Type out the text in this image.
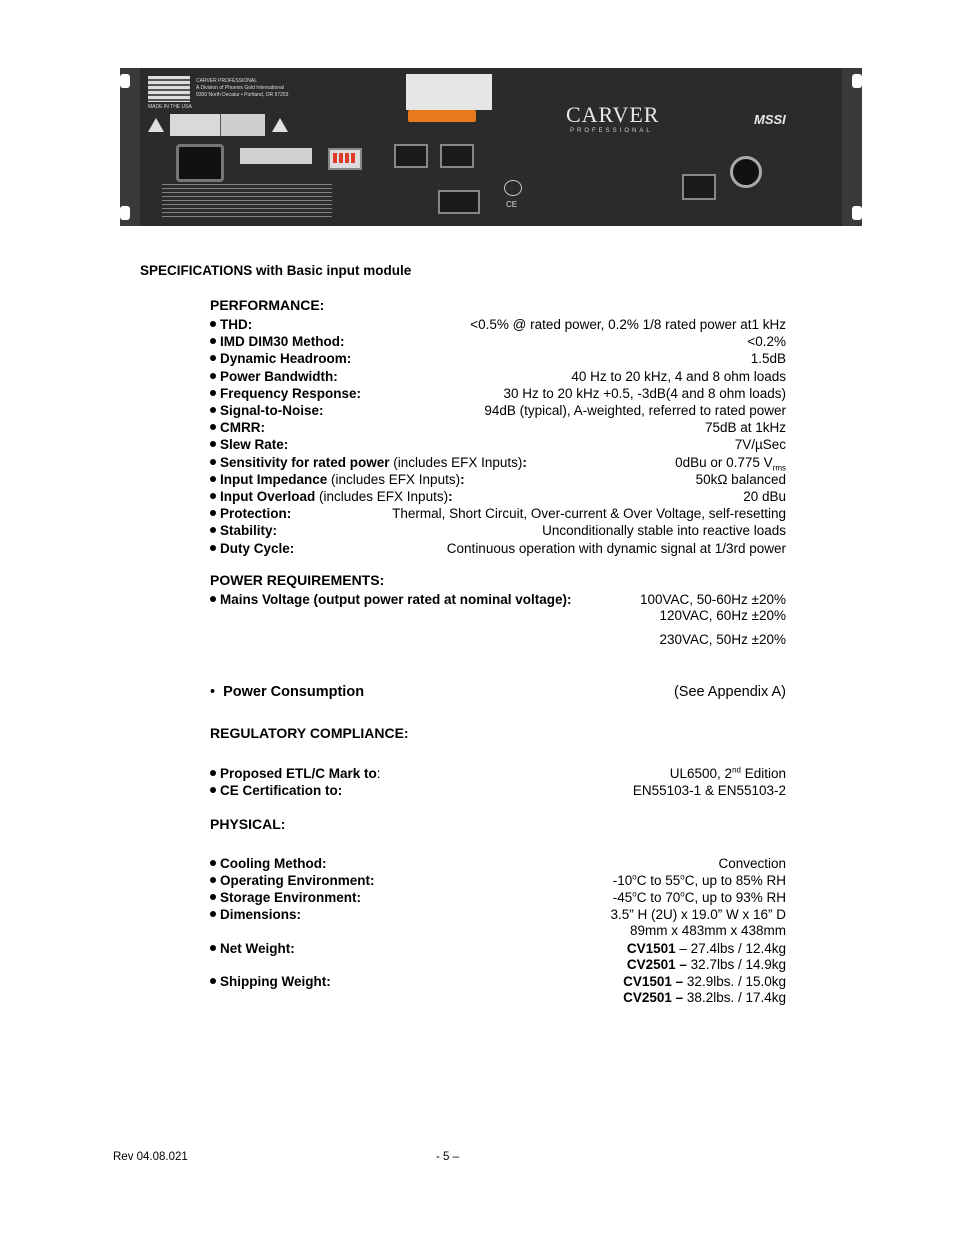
MADE IN THE USA
CARVER PROFESSIONAL
A Division of Phoenix Gold International
9300 North Decatur • Portland, OR 97203
CE
CARVER
PROFESSIONAL
MSSI
SPECIFICATIONS with Basic input module
PERFORMANCE:
THD:	<0.5% @ rated power, 0.2% 1/8 rated power at1 kHz
IMD DIM30 Method:	<0.2%
Dynamic Headroom:	1.5dB
Power Bandwidth:	40 Hz to 20 kHz, 4 and 8 ohm loads
Frequency Response:	30 Hz to 20 kHz +0.5, -3dB(4 and 8 ohm loads)
Signal-to-Noise:	94dB (typical), A-weighted, referred to rated power
CMRR:	75dB at 1kHz
Slew Rate:	7V/µSec
Sensitivity for rated power (includes EFX Inputs):	0dBu or 0.775 $V_{rms}$
Input Impedance (includes EFX Inputs):	50kΩ balanced
Input Overload (includes EFX Inputs):	20 dBu
Protection:	Thermal, Short Circuit, Over-current & Over Voltage, self-resetting
Stability:	Unconditionally stable into reactive loads
Duty Cycle:	Continuous operation with dynamic signal at 1/3rd power
POWER REQUIREMENTS:
Mains Voltage (output power rated at nominal voltage):	100VAC, 50-60Hz ±20%
120VAC, 60Hz ±20%
230VAC, 50Hz ±20%
• Power Consumption	(See Appendix A)
REGULATORY COMPLIANCE:
Proposed ETL/C Mark to:	UL6500, 2nd Edition
CE Certification to:	EN55103-1 & EN55103-2
PHYSICAL:
Cooling Method:	Convection
Operating Environment:	-10$^o$C to 55$^o$C, up to 85% RH
Storage Environment:	-45$^o$C to 70$^o$C, up to 93% RH
Dimensions:	3.5” H (2U) x 19.0” W x 16” D
89mm x 483mm x 438mm
Net Weight:	CV1501 – 27.4lbs / 12.4kg
CV2501 – 32.7lbs / 14.9kg
Shipping Weight:	CV1501 – 32.9lbs. / 15.0kg
CV2501 – 38.2lbs. / 17.4kg
Rev 04.08.021	- 5 –
